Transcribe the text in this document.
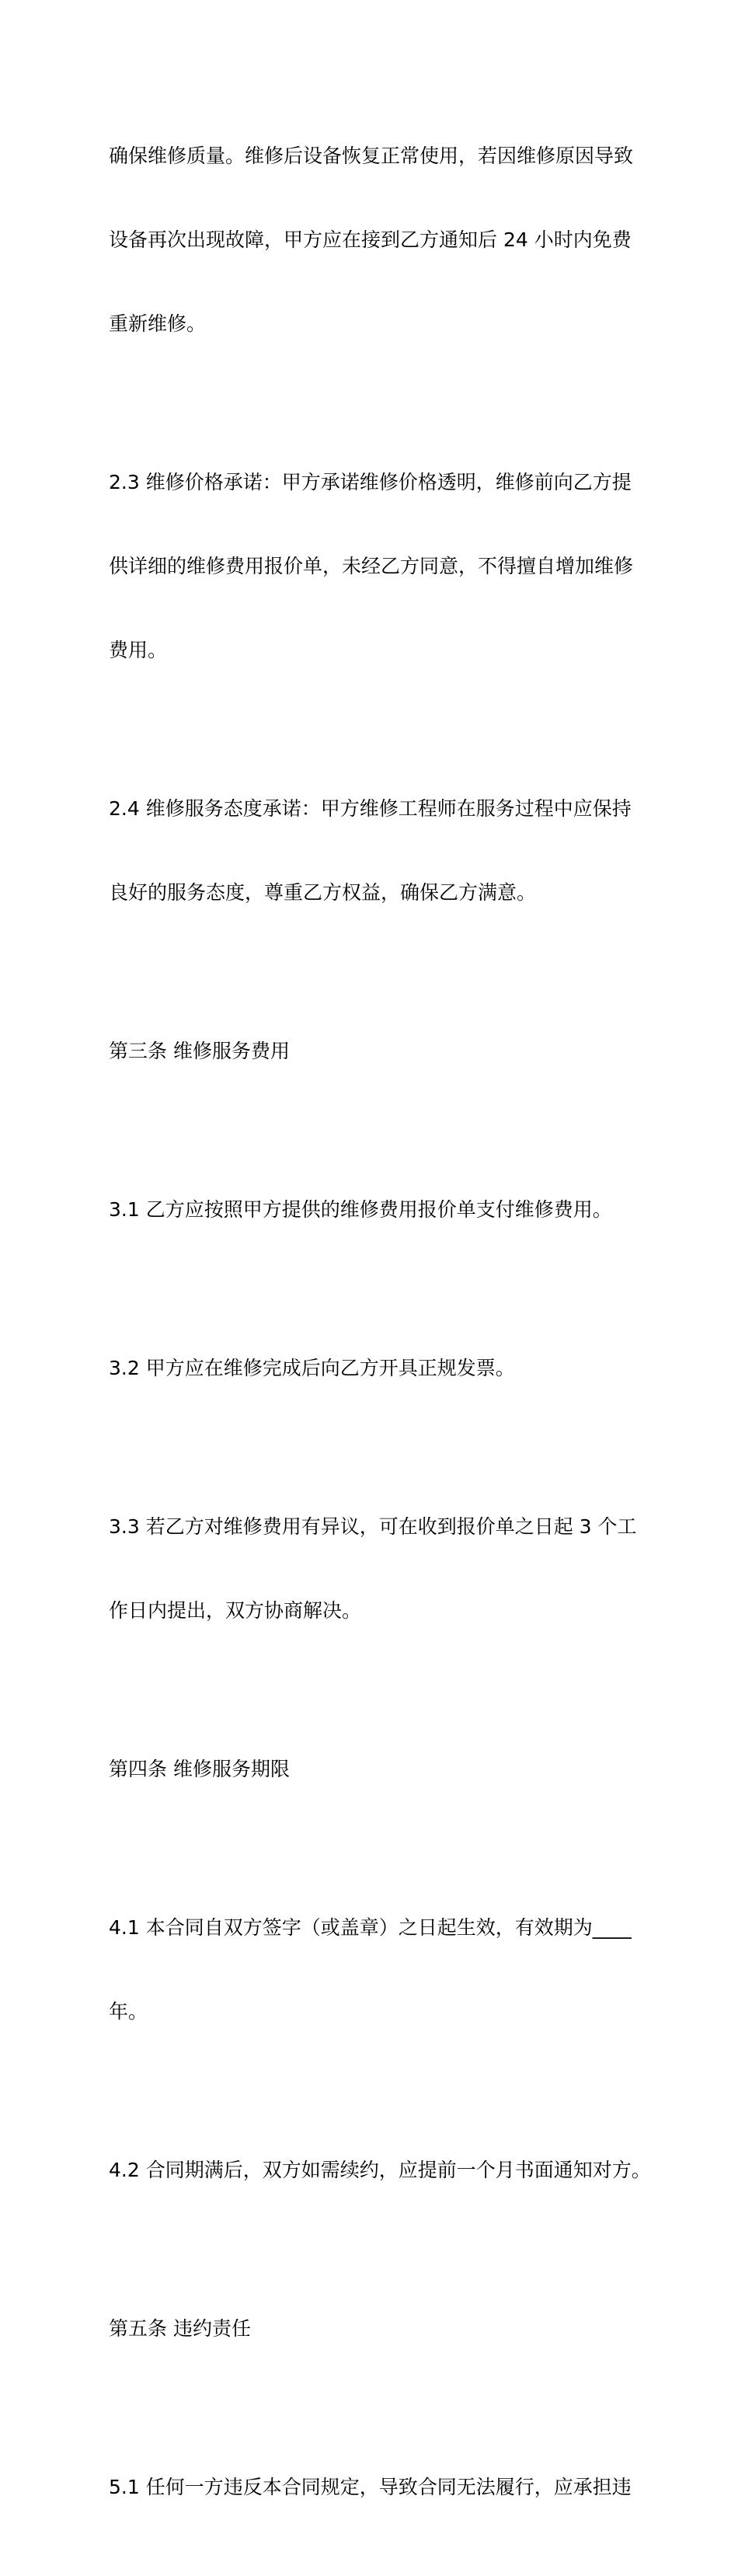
确保维修质量。维修后设备恢复正常使用，若因维修原因导致

设备再次出现故障，甲方应在接到乙方通知后 24 小时内免费

重新维修。

2.3 维修价格承诺：甲方承诺维修价格透明，维修前向乙方提

供详细的维修费用报价单，未经乙方同意，不得擅自增加维修

费用。

2.4 维修服务态度承诺：甲方维修工程师在服务过程中应保持

良好的服务态度，尊重乙方权益，确保乙方满意。

第三条 维修服务费用

3.1 乙方应按照甲方提供的维修费用报价单支付维修费用。

3.2 甲方应在维修完成后向乙方开具正规发票。

3.3 若乙方对维修费用有异议，可在收到报价单之日起 3 个工

作日内提出，双方协商解决。

第四条 维修服务期限

4.1 本合同自双方签字（或盖章）之日起生效，有效期为____

年。

4.2 合同期满后，双方如需续约，应提前一个月书面通知对方。

第五条 违约责任

5.1 任何一方违反本合同规定，导致合同无法履行，应承担违
